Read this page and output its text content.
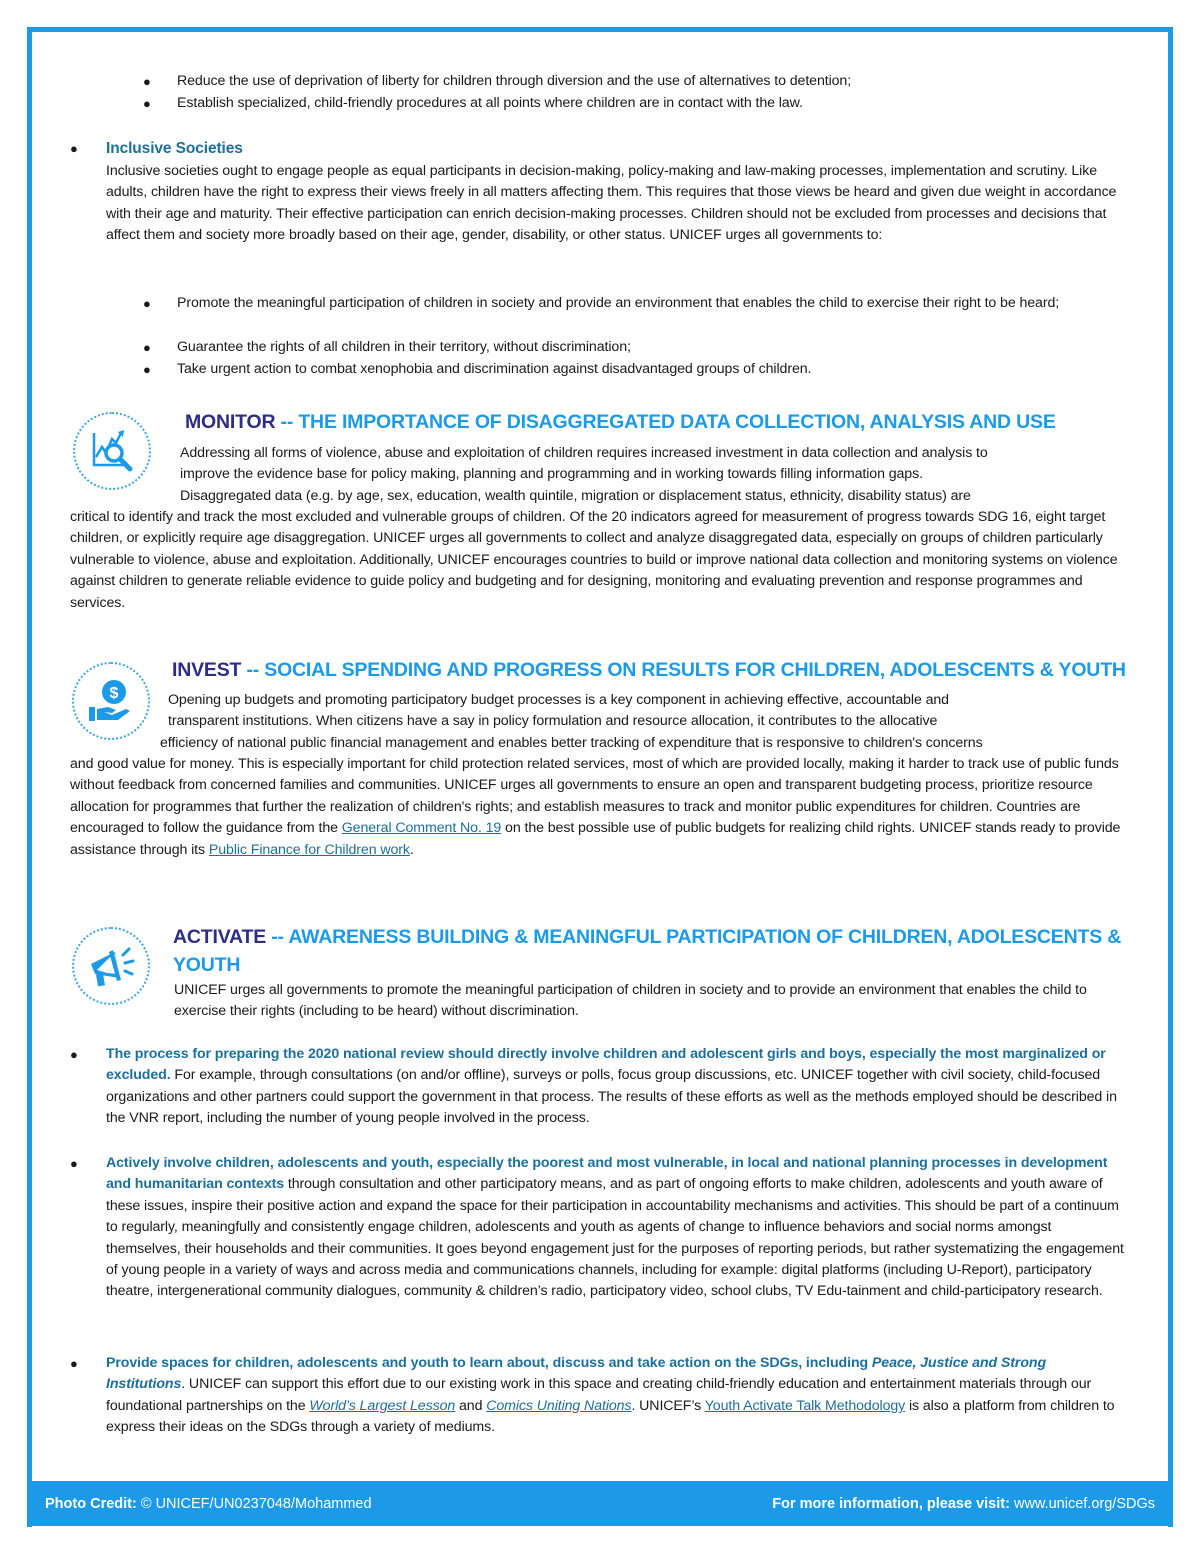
● Reduce the use of deprivation of liberty for children through diversion and the use of alternatives to detention;

● Establish specialized, child-friendly procedures at all points where children are in contact with the law.

● Inclusive Societies

Inclusive societies ought to engage people as equal participants in decision-making, policy-making and law-making processes, implementation and scrutiny. Like adults, children have the right to express their views freely in all matters affecting them. This requires that those views be heard and given due weight in accordance with their age and maturity. Their effective participation can enrich decision-making processes. Children should not be excluded from processes and decisions that affect them and society more broadly based on their age, gender, disability, or other status. UNICEF urges all governments to:

● Promote the meaningful participation of children in society and provide an environment that enables the child to exercise their right to be heard;

● Guarantee the rights of all children in their territory, without discrimination;

● Take urgent action to combat xenophobia and discrimination against disadvantaged groups of children.

MONITOR -- THE IMPORTANCE OF DISAGGREGATED DATA COLLECTION, ANALYSIS AND USE

Addressing all forms of violence, abuse and exploitation of children requires increased investment in data collection and analysis to

improve the evidence base for policy making, planning and programming and in working towards filling information gaps.

Disaggregated data (e.g. by age, sex, education, wealth quintile, migration or displacement status, ethnicity, disability status) are

critical to identify and track the most excluded and vulnerable groups of children. Of the 20 indicators agreed for measurement of progress towards SDG 16, eight target children, or explicitly require age disaggregation. UNICEF urges all governments to collect and analyze disaggregated data, especially on groups of children particularly vulnerable to violence, abuse and exploitation. Additionally, UNICEF encourages countries to build or improve national data collection and monitoring systems on violence against children to generate reliable evidence to guide policy and budgeting and for designing, monitoring and evaluating prevention and response programmes and services.

$
INVEST -- SOCIAL SPENDING AND PROGRESS ON RESULTS FOR CHILDREN, ADOLESCENTS & YOUTH

Opening up budgets and promoting participatory budget processes is a key component in achieving effective, accountable and

transparent institutions. When citizens have a say in policy formulation and resource allocation, it contributes to the allocative

efficiency of national public financial management and enables better tracking of expenditure that is responsive to children's concerns

and good value for money. This is especially important for child protection related services, most of which are provided locally, making it harder to track use of public funds without feedback from concerned families and communities. UNICEF urges all governments to ensure an open and transparent budgeting process, prioritize resource allocation for programmes that further the realization of children's rights; and establish measures to track and monitor public expenditures for children. Countries are encouraged to follow the guidance from the General Comment No. 19 on the best possible use of public budgets for realizing child rights. UNICEF stands ready to provide assistance through its Public Finance for Children work.

ACTIVATE -- AWARENESS BUILDING & MEANINGFUL PARTICIPATION OF CHILDREN, ADOLESCENTS & YOUTH

UNICEF urges all governments to promote the meaningful participation of children in society and to provide an environment that enables the child to exercise their rights (including to be heard) without discrimination.

● The process for preparing the 2020 national review should directly involve children and adolescent girls and boys, especially the most marginalized or excluded. For example, through consultations (on and/or offline), surveys or polls, focus group discussions, etc. UNICEF together with civil society, child-focused organizations and other partners could support the government in that process. The results of these efforts as well as the methods employed should be described in the VNR report, including the number of young people involved in the process.

● Actively involve children, adolescents and youth, especially the poorest and most vulnerable, in local and national planning processes in development and humanitarian contexts through consultation and other participatory means, and as part of ongoing efforts to make children, adolescents and youth aware of these issues, inspire their positive action and expand the space for their participation in accountability mechanisms and activities. This should be part of a continuum to regularly, meaningfully and consistently engage children, adolescents and youth as agents of change to influence behaviors and social norms amongst themselves, their households and their communities. It goes beyond engagement just for the purposes of reporting periods, but rather systematizing the engagement of young people in a variety of ways and across media and communications channels, including for example: digital platforms (including U-Report), participatory theatre, intergenerational community dialogues, community & children’s radio, participatory video, school clubs, TV Edu-tainment and child-participatory research.

● Provide spaces for children, adolescents and youth to learn about, discuss and take action on the SDGs, including Peace, Justice and Strong Institutions. UNICEF can support this effort due to our existing work in this space and creating child-friendly education and entertainment materials through our foundational partnerships on the World’s Largest Lesson and Comics Uniting Nations. UNICEF’s Youth Activate Talk Methodology is also a platform from children to express their ideas on the SDGs through a variety of mediums.

Photo Credit: © UNICEF/UN0237048/Mohammed	For more information, please visit: www.unicef.org/SDGs
